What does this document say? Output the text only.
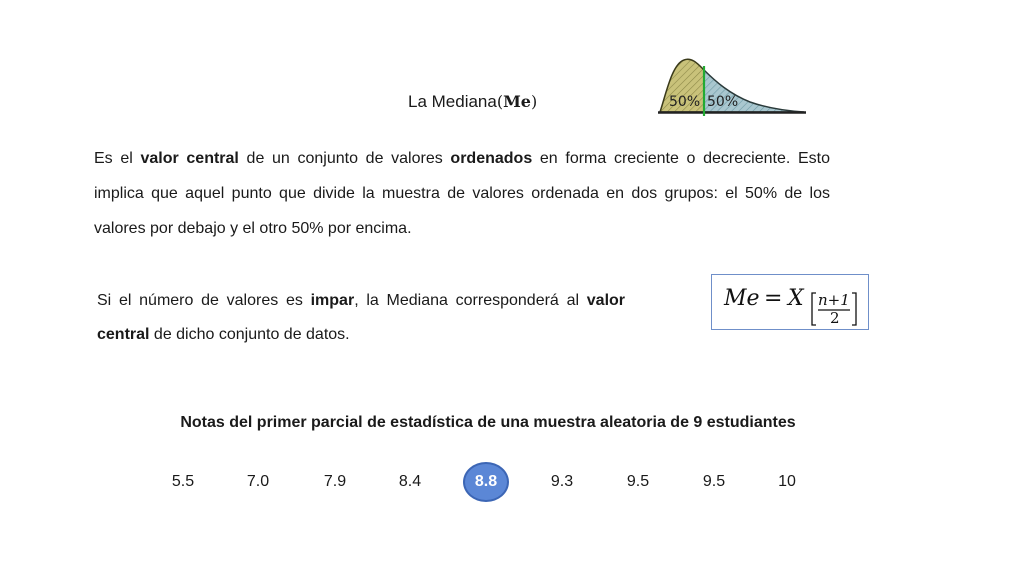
La Mediana(Me)	50% 50%
Es el valor central de un conjunto de valores ordenados en forma creciente o decreciente. Esto implica que aquel punto que divide la muestra de valores ordenada en dos grupos: el 50% de los valores por debajo y el otro 50% por encima.
Si el número de valores es impar, la Mediana corresponderá al valor central de dicho conjunto de datos.
Me = X n+1
2
Notas del primer parcial de estadística de una muestra aleatoria de 9 estudiantes
5.5	7.0	7.9	8.4	8.8	9.3	9.5	9.5	10
